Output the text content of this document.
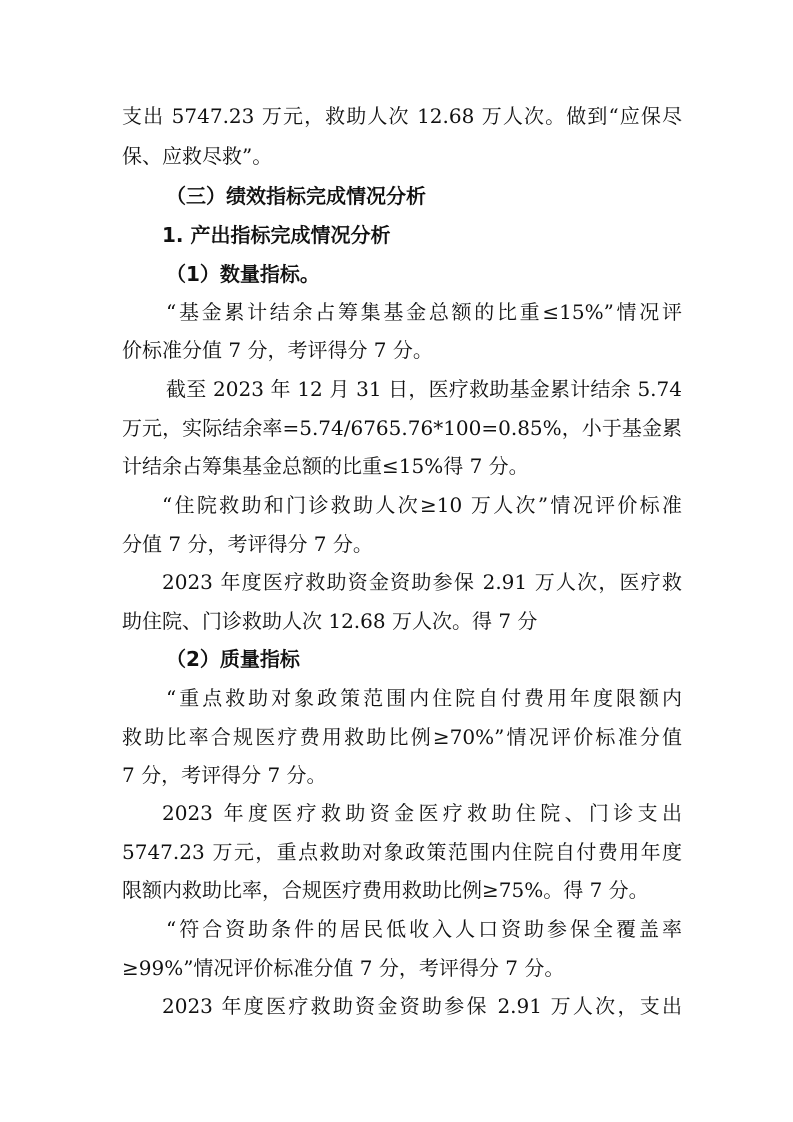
支出 5747.23 万元，救助人次 12.68 万人次。做到“应保尽
保、应救尽救”。
（三）绩效指标完成情况分析
1. 产出指标完成情况分析
（1）数量指标。
“基金累计结余占筹集基金总额的比重≤15%”情况评
价标准分值 7 分，考评得分 7 分。
截至 2023 年 12 月 31 日，医疗救助基金累计结余 5.74
万元，实际结余率=5.74/6765.76*100=0.85%，小于基金累
计结余占筹集基金总额的比重≤15%得 7 分。
“住院救助和门诊救助人次≥10 万人次”情况评价标准
分值 7 分，考评得分 7 分。
2023 年度医疗救助资金资助参保 2.91 万人次，医疗救
助住院、门诊救助人次 12.68 万人次。得 7 分
（2）质量指标
“重点救助对象政策范围内住院自付费用年度限额内
救助比率合规医疗费用救助比例≥70%”情况评价标准分值
7 分，考评得分 7 分。
2023 年度医疗救助资金医疗救助住院、门诊支出
5747.23 万元，重点救助对象政策范围内住院自付费用年度
限额内救助比率，合规医疗费用救助比例≥75%。得 7 分。
“符合资助条件的居民低收入人口资助参保全覆盖率
≥99%”情况评价标准分值 7 分，考评得分 7 分。
2023 年度医疗救助资金资助参保 2.91 万人次，支出
